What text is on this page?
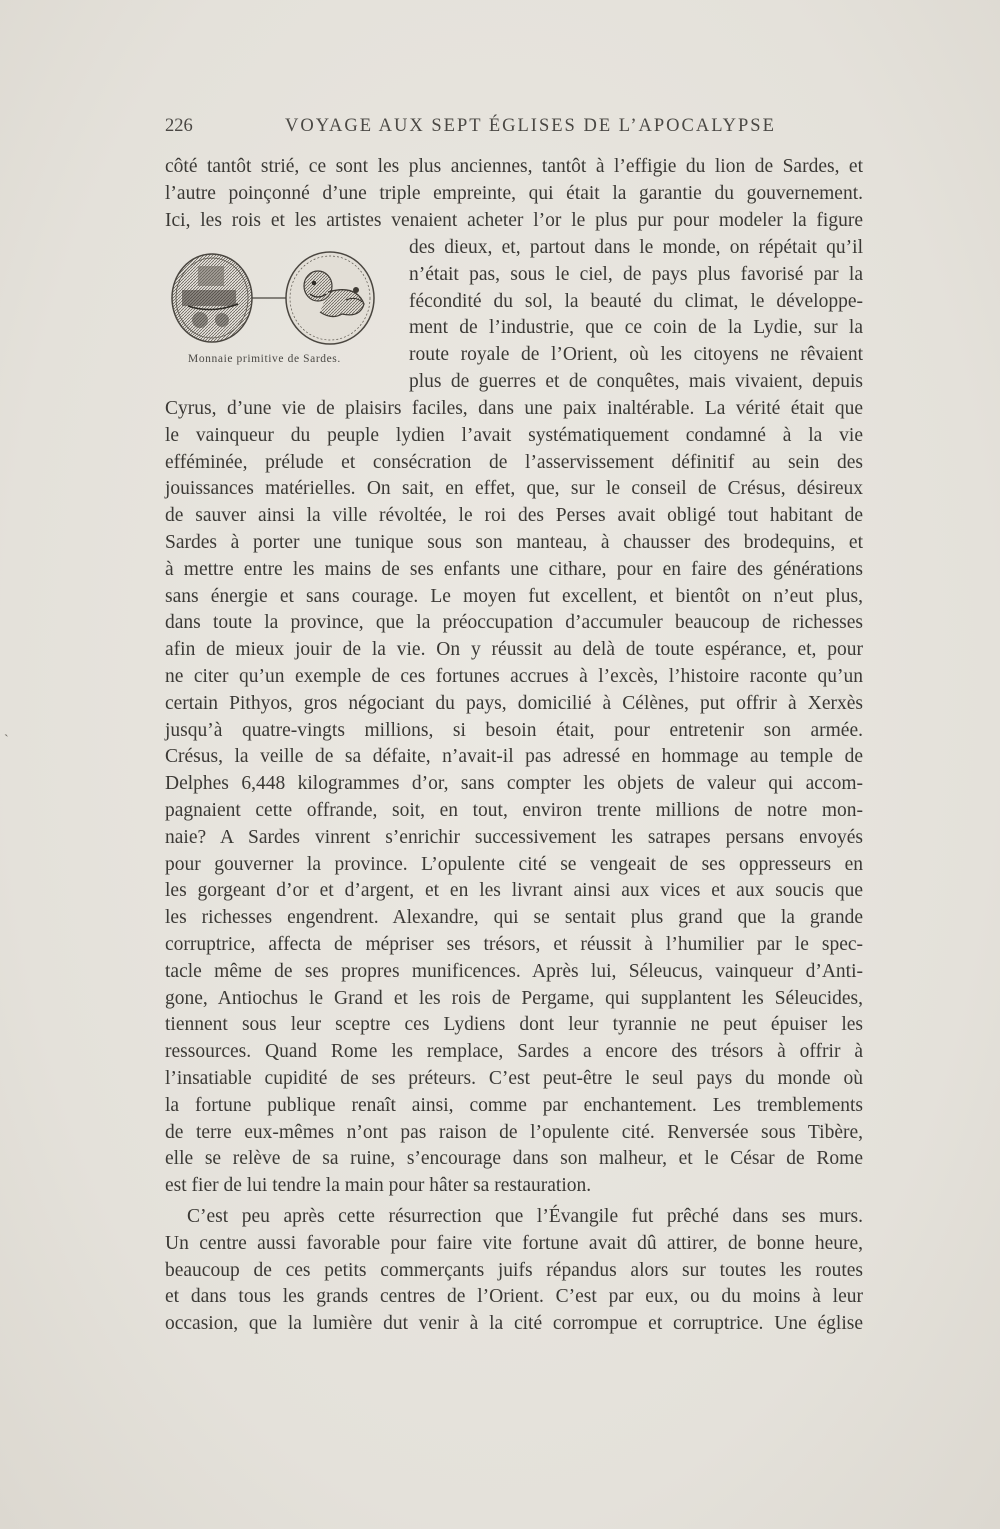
226	VOYAGE AUX SEPT ÉGLISES DE L’APOCALYPSE
côté tantôt strié, ce sont les plus anciennes, tantôt à l’effigie du lion de Sardes, et
l’autre poinçonné d’une triple empreinte, qui était la garantie du gouvernement.
Ici, les rois et les artistes venaient acheter l’or le plus pur pour modeler la figure
Monnaie primitive de Sardes.
des dieux, et, partout dans le monde, on répétait qu’il
n’était pas, sous le ciel, de pays plus favorisé par la
fécondité du sol, la beauté du climat, le développe-
ment de l’industrie, que ce coin de la Lydie, sur la
route royale de l’Orient, où les citoyens ne rêvaient
plus de guerres et de conquêtes, mais vivaient, depuis
`

Cyrus, d’une vie de plaisirs faciles, dans une paix inaltérable. La vérité était que
le vainqueur du peuple lydien l’avait systématiquement condamné à la vie
efféminée, prélude et consécration de l’asservissement définitif au sein des
jouissances matérielles. On sait, en effet, que, sur le conseil de Crésus, désireux
de sauver ainsi la ville révoltée, le roi des Perses avait obligé tout habitant de
Sardes à porter une tunique sous son manteau, à chausser des brodequins, et
à mettre entre les mains de ses enfants une cithare, pour en faire des générations
sans énergie et sans courage. Le moyen fut excellent, et bientôt on n’eut plus,
dans toute la province, que la préoccupation d’accumuler beaucoup de richesses
afin de mieux jouir de la vie. On y réussit au delà de toute espérance, et, pour
ne citer qu’un exemple de ces fortunes accrues à l’excès, l’histoire raconte qu’un
certain Pithyos, gros négociant du pays, domicilié à Célènes, put offrir à Xerxès
jusqu’à quatre-vingts millions, si besoin était, pour entretenir son armée.
Crésus, la veille de sa défaite, n’avait-il pas adressé en hommage au temple de
Delphes 6,448 kilogrammes d’or, sans compter les objets de valeur qui accom-
pagnaient cette offrande, soit, en tout, environ trente millions de notre mon-
naie? A Sardes vinrent s’enrichir successivement les satrapes persans envoyés
pour gouverner la province. L’opulente cité se vengeait de ses oppresseurs en
les gorgeant d’or et d’argent, et en les livrant ainsi aux vices et aux soucis que
les richesses engendrent. Alexandre, qui se sentait plus grand que la grande
corruptrice, affecta de mépriser ses trésors, et réussit à l’humilier par le spec-
tacle même de ses propres munificences. Après lui, Séleucus, vainqueur d’Anti-
gone, Antiochus le Grand et les rois de Pergame, qui supplantent les Séleucides,
tiennent sous leur sceptre ces Lydiens dont leur tyrannie ne peut épuiser les
ressources. Quand Rome les remplace, Sardes a encore des trésors à offrir à
l’insatiable cupidité de ses préteurs. C’est peut-être le seul pays du monde où
la fortune publique renaît ainsi, comme par enchantement. Les tremblements
de terre eux-mêmes n’ont pas raison de l’opulente cité. Renversée sous Tibère,
elle se relève de sa ruine, s’encourage dans son malheur, et le César de Rome
est fier de lui tendre la main pour hâter sa restauration.

C’est peu après cette résurrection que l’Évangile fut prêché dans ses murs.
Un centre aussi favorable pour faire vite fortune avait dû attirer, de bonne heure,
beaucoup de ces petits commerçants juifs répandus alors sur toutes les routes
et dans tous les grands centres de l’Orient. C’est par eux, ou du moins à leur
occasion, que la lumière dut venir à la cité corrompue et corruptrice. Une église
